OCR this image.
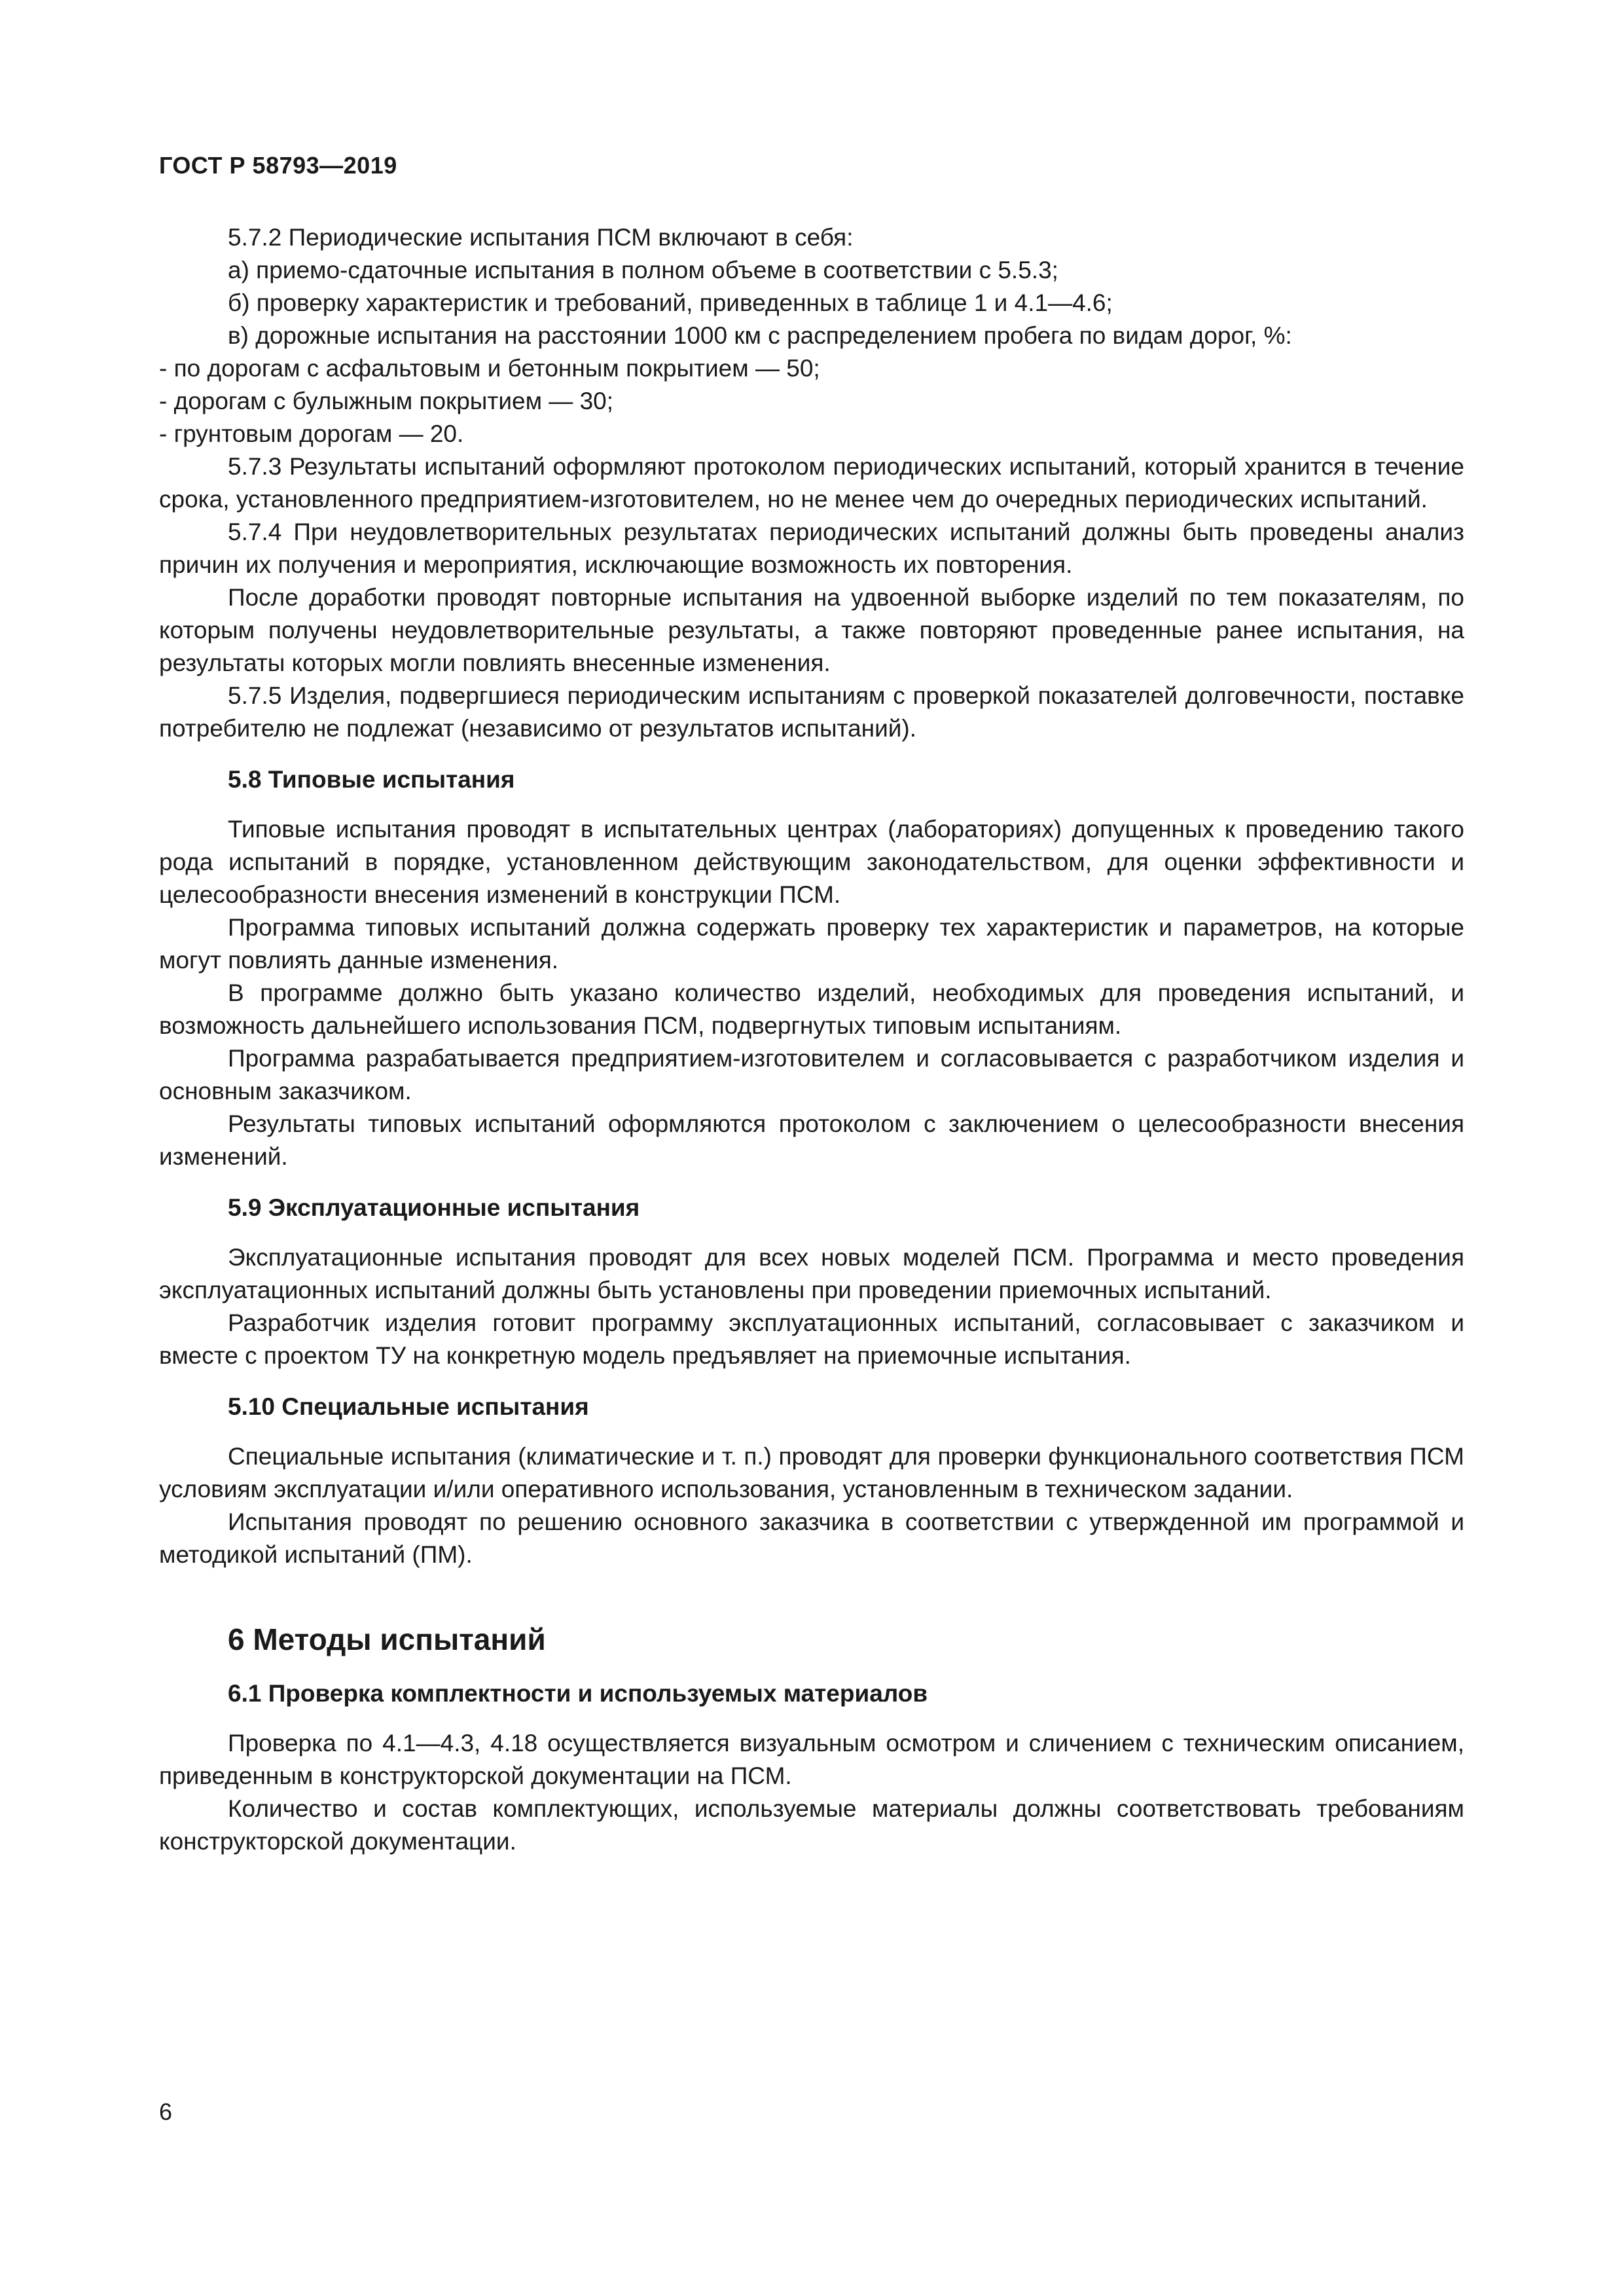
ГОСТ Р 58793—2019

5.7.2 Периодические испытания ПСМ включают в себя:

а) приемо-сдаточные испытания в полном объеме в соответствии с 5.5.3;

б) проверку характеристик и требований, приведенных в таблице 1 и 4.1—4.6;

в) дорожные испытания на расстоянии 1000 км с распределением пробега по видам дорог, %:

- по дорогам с асфальтовым и бетонным покрытием — 50;

- дорогам с булыжным покрытием — 30;

- грунтовым дорогам — 20.

5.7.3 Результаты испытаний оформляют протоколом периодических испытаний, который хранится в течение срока, установленного предприятием-изготовителем, но не менее чем до очередных периодических испытаний.

5.7.4 При неудовлетворительных результатах периодических испытаний должны быть проведены анализ причин их получения и мероприятия, исключающие возможность их повторения.

После доработки проводят повторные испытания на удвоенной выборке изделий по тем показателям, по которым получены неудовлетворительные результаты, а также повторяют проведенные ранее испытания, на результаты которых могли повлиять внесенные изменения.

5.7.5 Изделия, подвергшиеся периодическим испытаниям с проверкой показателей долговечности, поставке потребителю не подлежат (независимо от результатов испытаний).

5.8 Типовые испытания

Типовые испытания проводят в испытательных центрах (лабораториях) допущенных к проведению такого рода испытаний в порядке, установленном действующим законодательством, для оценки эффективности и целесообразности внесения изменений в конструкции ПСМ.

Программа типовых испытаний должна содержать проверку тех характеристик и параметров, на которые могут повлиять данные изменения.

В программе должно быть указано количество изделий, необходимых для проведения испытаний, и возможность дальнейшего использования ПСМ, подвергнутых типовым испытаниям.

Программа разрабатывается предприятием-изготовителем и согласовывается с разработчиком изделия и основным заказчиком.

Результаты типовых испытаний оформляются протоколом с заключением о целесообразности внесения изменений.

5.9 Эксплуатационные испытания

Эксплуатационные испытания проводят для всех новых моделей ПСМ. Программа и место проведения эксплуатационных испытаний должны быть установлены при проведении приемочных испытаний.

Разработчик изделия готовит программу эксплуатационных испытаний, согласовывает с заказчиком и вместе с проектом ТУ на конкретную модель предъявляет на приемочные испытания.

5.10 Специальные испытания

Специальные испытания (климатические и т. п.) проводят для проверки функционального соответствия ПСМ условиям эксплуатации и/или оперативного использования, установленным в техническом задании.

Испытания проводят по решению основного заказчика в соответствии с утвержденной им программой и методикой испытаний (ПМ).

6 Методы испытаний
6.1 Проверка комплектности и используемых материалов

Проверка по 4.1—4.3, 4.18 осуществляется визуальным осмотром и сличением с техническим описанием, приведенным в конструкторской документации на ПСМ.

Количество и состав комплектующих, используемые материалы должны соответствовать требованиям конструкторской документации.

6
